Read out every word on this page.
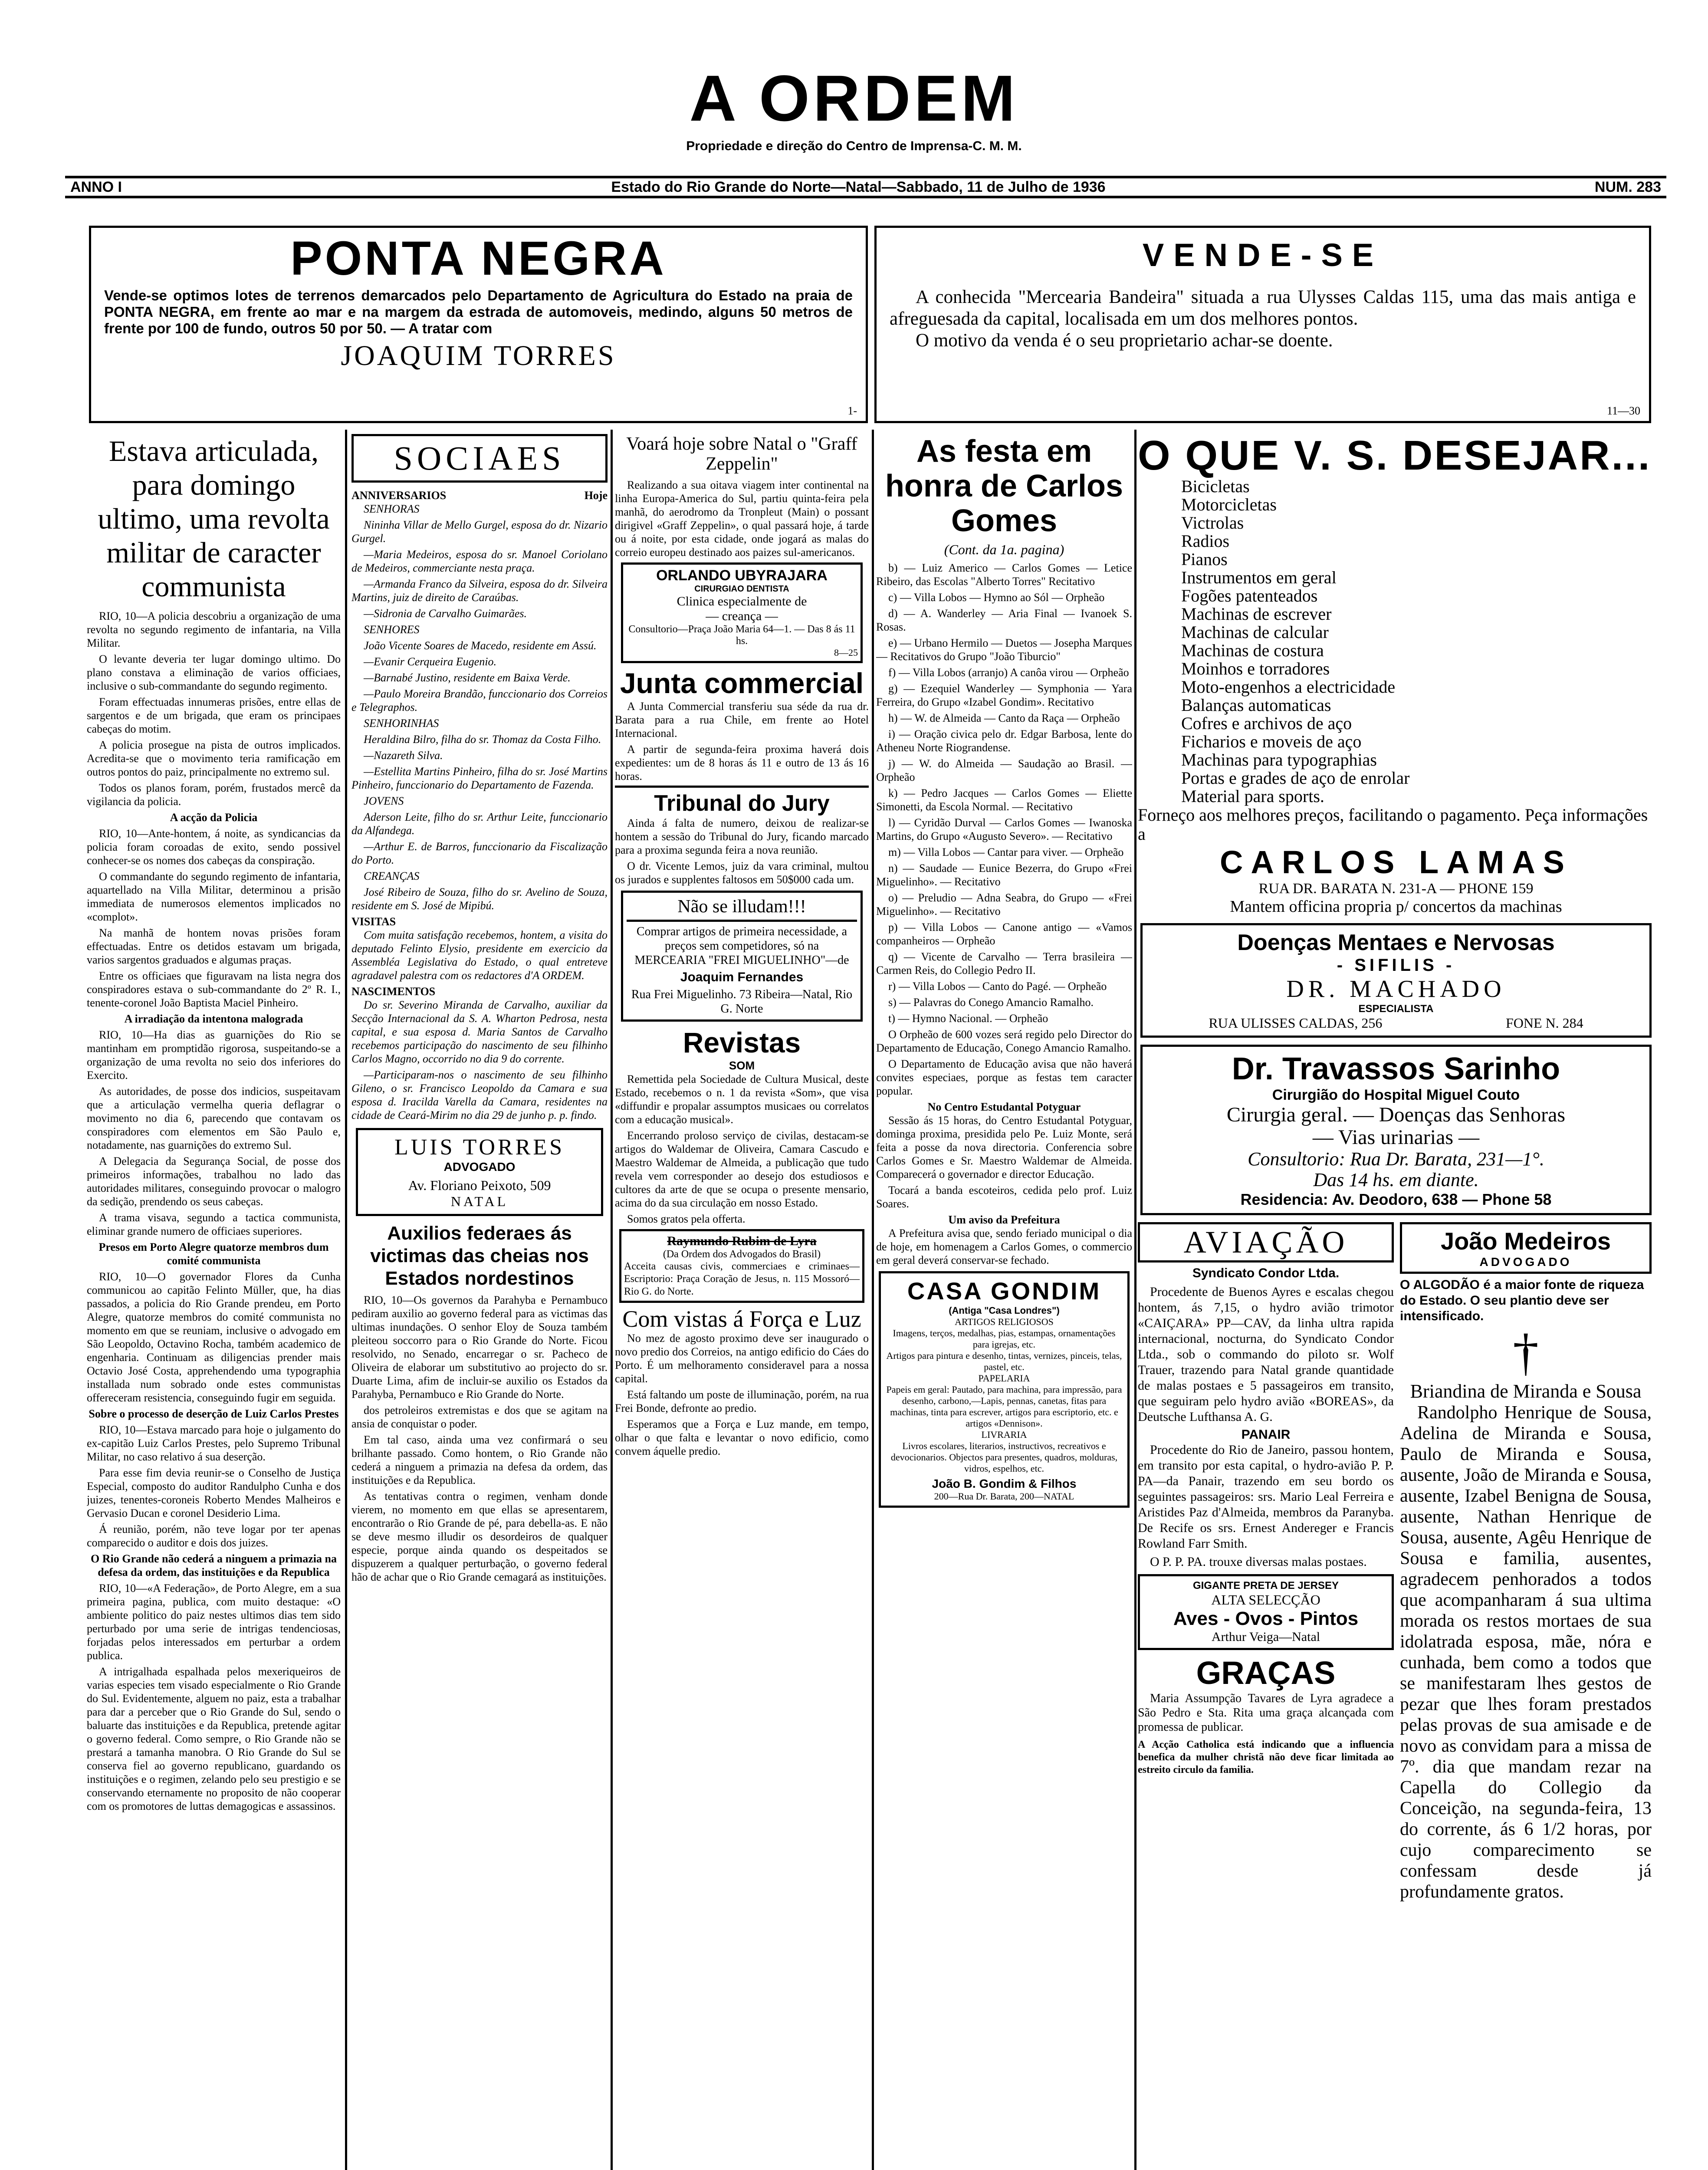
A ORDEM
Propriedade e direção do Centro de Imprensa-C. M. M.
ANNO I	Estado do Rio Grande do Norte—Natal—Sabbado, 11 de Julho de 1936	NUM. 283
PONTA NEGRA
Vende-se optimos lotes de terrenos demarcados pelo Departamento de Agricultura do Estado na praia de PONTA NEGRA, em frente ao mar e na margem da estrada de automoveis, medindo, alguns 50 metros de frente por 100 de fundo, outros 50 por 50. — A tratar com
JOAQUIM TORRES
1-
VENDE-SE
A conhecida "Mercearia Bandeira" situada a rua Ulysses Caldas 115, uma das mais antiga e afreguesada da capital, localisada em um dos melhores pontos.
O motivo da venda é o seu proprietario achar-se doente.
11—30
Estava articulada, para domingo ultimo, uma revolta militar de caracter communista

RIO, 10—A policia descobriu a organização de uma revolta no segundo regimento de infantaria, na Villa Militar.

O levante deveria ter lugar domingo ultimo. Do plano constava a eliminação de varios officiaes, inclusive o sub-commandante do segundo regimento.

Foram effectuadas innumeras prisões, entre ellas de sargentos e de um brigada, que eram os principaes cabeças do motim.

A policia prosegue na pista de outros implicados. Acredita-se que o movimento teria ramificação em outros pontos do paiz, principalmente no extremo sul.

Todos os planos foram, porém, frustados mercê da vigilancia da policia.

A acção da Policia

RIO, 10—Ante-hontem, á noite, as syndicancias da policia foram coroadas de exito, sendo possivel conhecer-se os nomes dos cabeças da conspiração.

O commandante do segundo regimento de infantaria, aquartellado na Villa Militar, determinou a prisão immediata de numerosos elementos implicados no «complot».

Na manhã de hontem novas prisões foram effectuadas. Entre os detidos estavam um brigada, varios sargentos graduados e algumas praças.

Entre os officiaes que figuravam na lista negra dos conspiradores estava o sub-commandante do 2º R. I., tenente-coronel João Baptista Maciel Pinheiro.

A irradiação da intentona malograda

RIO, 10—Ha dias as guarnições do Rio se mantinham em promptidão rigorosa, suspeitando-se a organização de uma revolta no seio dos inferiores do Exercito.

As autoridades, de posse dos indicios, suspeitavam que a articulação vermelha queria deflagrar o movimento no dia 6, parecendo que contavam os conspiradores com elementos em São Paulo e, notadamente, nas guarnições do extremo Sul.

A Delegacia da Segurança Social, de posse dos primeiros informações, trabalhou no lado das autoridades militares, conseguindo provocar o malogro da sedição, prendendo os seus cabeças.

A trama visava, segundo a tactica communista, eliminar grande numero de officiaes superiores.

Presos em Porto Alegre quatorze membros dum comité communista

RIO, 10—O governador Flores da Cunha communicou ao capitão Felinto Müller, que, ha dias passados, a policia do Rio Grande prendeu, em Porto Alegre, quatorze membros do comité communista no momento em que se reuniam, inclusive o advogado em São Leopoldo, Octavino Rocha, também academico de engenharia. Continuam as diligencias prender mais Octavio José Costa, apprehendendo uma typographia installada num sobrado onde estes communistas offereceram resistencia, conseguindo fugir em seguida.

Sobre o processo de deserção de Luiz Carlos Prestes

RIO, 10—Estava marcado para hoje o julgamento do ex-capitão Luiz Carlos Prestes, pelo Supremo Tribunal Militar, no caso relativo á sua deserção.

Para esse fim devia reunir-se o Conselho de Justiça Especial, composto do auditor Randulpho Cunha e dos juizes, tenentes-coroneis Roberto Mendes Malheiros e Gervasio Ducan e coronel Desiderio Lima.

Á reunião, porém, não teve logar por ter apenas comparecido o auditor e dois dos juizes.

O Rio Grande não cederá a ninguem a primazia na defesa da ordem, das instituições e da Republica

RIO, 10—«A Federação», de Porto Alegre, em a sua primeira pagina, publica, com muito destaque: «O ambiente politico do paiz nestes ultimos dias tem sido perturbado por uma serie de intrigas tendenciosas, forjadas pelos interessados em perturbar a ordem publica.

A intrigalhada espalhada pelos mexeriqueiros de varias especies tem visado especialmente o Rio Grande do Sul. Evidentemente, alguem no paiz, esta a trabalhar para dar a perceber que o Rio Grande do Sul, sendo o baluarte das instituições e da Republica, pretende agitar o governo federal. Como sempre, o Rio Grande não se prestará a tamanha manobra. O Rio Grande do Sul se conserva fiel ao governo republicano, guardando os instituições e o regimen, zelando pelo seu prestigio e se conservando eternamente no proposito de não cooperar com os promotores de luttas demagogicas e assassinos.

SOCIAES
ANNIVERSARIOS	Hoje

SENHORAS

Nininha Villar de Mello Gurgel, esposa do dr. Nizario Gurgel.

—Maria Medeiros, esposa do sr. Manoel Coriolano de Medeiros, commerciante nesta praça.

—Armanda Franco da Silveira, esposa do dr. Silveira Martins, juiz de direito de Caraúbas.

—Sidronia de Carvalho Guimarães.

SENHORES

João Vicente Soares de Macedo, residente em Assú.

—Evanir Cerqueira Eugenio.

—Barnabé Justino, residente em Baixa Verde.

—Paulo Moreira Brandão, funccionario dos Correios e Telegraphos.

SENHORINHAS

Heraldina Bilro, filha do sr. Thomaz da Costa Filho.

—Nazareth Silva.

—Estellita Martins Pinheiro, filha do sr. José Martins Pinheiro, funccionario do Departamento de Fazenda.

JOVENS

Aderson Leite, filho do sr. Arthur Leite, funccionario da Alfandega.

—Arthur E. de Barros, funccionario da Fiscalização do Porto.

CREANÇAS

José Ribeiro de Souza, filho do sr. Avelino de Souza, residente em S. José de Mipibú.

VISITAS

Com muita satisfação recebemos, hontem, a visita do deputado Felinto Elysio, presidente em exercicio da Assembléa Legislativa do Estado, o qual entreteve agradavel palestra com os redactores d'A ORDEM.

NASCIMENTOS

Do sr. Severino Miranda de Carvalho, auxiliar da Secção Internacional da S. A. Wharton Pedrosa, nesta capital, e sua esposa d. Maria Santos de Carvalho recebemos participação do nascimento de seu filhinho Carlos Magno, occorrido no dia 9 do corrente.

—Participaram-nos o nascimento de seu filhinho Gileno, o sr. Francisco Leopoldo da Camara e sua esposa d. Iracilda Varella da Camara, residentes na cidade de Ceará-Mirim no dia 29 de junho p. p. findo.

LUIS TORRES
ADVOGADO
Av. Floriano Peixoto, 509
NATAL
Auxilios federaes ás victimas das cheias nos Estados nordestinos

RIO, 10—Os governos da Parahyba e Pernambuco pediram auxilio ao governo federal para as victimas das ultimas inundações. O senhor Eloy de Souza também pleiteou soccorro para o Rio Grande do Norte. Ficou resolvido, no Senado, encarregar o sr. Pacheco de Oliveira de elaborar um substitutivo ao projecto do sr. Duarte Lima, afim de incluir-se auxilio os Estados da Parahyba, Pernambuco e Rio Grande do Norte.

dos petroleiros extremistas e dos que se agitam na ansia de conquistar o poder.

Em tal caso, ainda uma vez confirmará o seu brilhante passado. Como hontem, o Rio Grande não cederá a ninguem a primazia na defesa da ordem, das instituições e da Republica.

As tentativas contra o regimen, venham donde vierem, no momento em que ellas se apresentarem, encontrarão o Rio Grande de pé, para debella-as. E não se deve mesmo illudir os desordeiros de qualquer especie, porque ainda quando os despeitados se dispuzerem a qualquer perturbação, o governo federal hão de achar que o Rio Grande cemagará as instituições.

Voará hoje sobre Natal o "Graff Zeppelin"

Realizando a sua oitava viagem inter continental na linha Europa-America do Sul, partiu quinta-feira pela manhã, do aerodromo da Tronpleut (Main) o possant dirigivel «Graff Zeppelin», o qual passará hoje, á tarde ou á noite, por esta cidade, onde jogará as malas do correio europeu destinado aos paizes sul-americanos.

ORLANDO UBYRAJARA
CIRURGIAO DENTISTA
Clinica especialmente de
— creança —
Consultorio—Praça João Maria 64—1. — Das 8 ás 11 hs.
8—25
Junta commercial

A Junta Commercial transferiu sua séde da rua dr. Barata para a rua Chile, em frente ao Hotel Internacional.

A partir de segunda-feira proxima haverá dois expedientes: um de 8 horas ás 11 e outro de 13 ás 16 horas.

Tribunal do Jury

Ainda á falta de numero, deixou de realizar-se hontem a sessão do Tribunal do Jury, ficando marcado para a proxima segunda feira a nova reunião.

O dr. Vicente Lemos, juiz da vara criminal, multou os jurados e supplentes faltosos em 50$000 cada um.

Não se illudam!!!
Comprar artigos de primeira necessidade, a preços sem competidores, só na
MERCEARIA "FREI MIGUELINHO"—de
Joaquim Fernandes
Rua Frei Miguelinho. 73 Ribeira—Natal, Rio G. Norte
Revistas
SOM

Remettida pela Sociedade de Cultura Musical, deste Estado, recebemos o n. 1 da revista «Som», que visa «diffundir e propalar assumptos musicaes ou correlatos com a educação musical».

Encerrando proloso serviço de civilas, destacam-se artigos do Waldemar de Oliveira, Camara Cascudo e Maestro Waldemar de Almeida, a publicação que tudo revela vem corresponder ao desejo dos estudiosos e cultores da arte de que se ocupa o presente mensario, acima do da sua circulação em nosso Estado.

Somos gratos pela offerta.

Raymundo Rubim de Lyra
(Da Ordem dos Advogados do Brasil)
Acceita causas civis, commerciaes e criminaes—Escriptorio: Praça Coração de Jesus, n. 115 Mossoró—Rio G. do Norte.
Com vistas á Força e Luz

No mez de agosto proximo deve ser inaugurado o novo predio dos Correios, na antigo edificio do Cáes do Porto. É um melhoramento consideravel para a nossa capital.

Está faltando um poste de illuminação, porém, na rua Frei Bonde, defronte ao predio.

Esperamos que a Força e Luz mande, em tempo, olhar o que falta e levantar o novo edificio, como convem áquelle predio.

As festa em honra de Carlos Gomes
(Cont. da 1a. pagina)

b) — Luiz Americo — Carlos Gomes — Letice Ribeiro, das Escolas "Alberto Torres" Recitativo

c) — Villa Lobos — Hymno ao Sól — Orpheão

d) — A. Wanderley — Aria Final — Ivanoek S. Rosas.

e) — Urbano Hermilo — Duetos — Josepha Marques — Recitativos do Grupo "João Tiburcio"

f) — Villa Lobos (arranjo) A canôa virou — Orpheão

g) — Ezequiel Wanderley — Symphonia — Yara Ferreira, do Grupo «Izabel Gondim». Recitativo

h) — W. de Almeida — Canto da Raça — Orpheão

i) — Oração civica pelo dr. Edgar Barbosa, lente do Atheneu Norte Riograndense.

j) — W. do Almeida — Saudação ao Brasil. — Orpheão

k) — Pedro Jacques — Carlos Gomes — Eliette Simonetti, da Escola Normal. — Recitativo

l) — Cyridão Durval — Carlos Gomes — Iwanoska Martins, do Grupo «Augusto Severo». — Recitativo

m) — Villa Lobos — Cantar para viver. — Orpheão

n) — Saudade — Eunice Bezerra, do Grupo «Frei Miguelinho». — Recitativo

o) — Preludio — Adna Seabra, do Grupo — «Frei Miguelinho». — Recitativo

p) — Villa Lobos — Canone antigo — «Vamos companheiros — Orpheão

q) — Vicente de Carvalho — Terra brasileira — Carmen Reis, do Collegio Pedro II.

r) — Villa Lobos — Canto do Pagé. — Orpheão

s) — Palavras do Conego Amancio Ramalho.

t) — Hymno Nacional. — Orpheão

O Orpheão de 600 vozes será regido pelo Director do Departamento de Educação, Conego Amancio Ramalho.

O Departamento de Educação avisa que não haverá convites especiaes, porque as festas tem caracter popular.

No Centro Estudantal Potyguar

Sessão ás 15 horas, do Centro Estudantal Potyguar, dominga proxima, presidida pelo Pe. Luiz Monte, será feita a posse da nova directoria. Conferencia sobre Carlos Gomes e Sr. Maestro Waldemar de Almeida. Comparecerá o governador e director Educação.

Tocará a banda escoteiros, cedida pelo prof. Luiz Soares.

Um aviso da Prefeitura

A Prefeitura avisa que, sendo feriado municipal o dia de hoje, em homenagem a Carlos Gomes, o commercio em geral deverá conservar-se fechado.

CASA GONDIM
(Antiga "Casa Londres")
ARTIGOS RELIGIOSOS
Imagens, terços, medalhas, pias, estampas, ornamentações para igrejas, etc.
Artigos para pintura e desenho, tintas, vernizes, pinceis, telas, pastel, etc.
PAPELARIA
Papeis em geral: Pautado, para machina, para impressão, para desenho, carbono,—Lapis, pennas, canetas, fitas para machinas, tinta para escrever, artigos para escriptorio, etc. e artigos «Dennison».
LIVRARIA
Livros escolares, literarios, instructivos, recreativos e devocionarios. Objectos para presentes, quadros, molduras, vidros, espelhos, etc.
João B. Gondim & Filhos
200—Rua Dr. Barata, 200—NATAL
O QUE V. S. DESEJAR...
Bicicletas
Motorcicletas
Victrolas
Radios
Pianos
Instrumentos em geral
Fogões patenteados
Machinas de escrever
Machinas de calcular
Machinas de costura
Moinhos e torradores
Moto-engenhos a electricidade
Balanças automaticas
Cofres e archivos de aço
Ficharios e moveis de aço
Machinas para typographias
Portas e grades de aço de enrolar
Material para sports.
Forneço aos melhores preços, facilitando o pagamento. Peça informações a
CARLOS LAMAS
RUA DR. BARATA N. 231-A — PHONE 159
Mantem officina propria p/ concertos da machinas
Doenças Mentaes e Nervosas
- SIFILIS -
DR. MACHADO
ESPECIALISTA
RUA ULISSES CALDAS, 256	FONE N. 284
Dr. Travassos Sarinho
Cirurgião do Hospital Miguel Couto
Cirurgia geral. — Doenças das Senhoras
— Vias urinarias —
Consultorio: Rua Dr. Barata, 231—1°.
Das 14 hs. em diante.
Residencia: Av. Deodoro, 638 — Phone 58
AVIAÇÃO
Syndicato Condor Ltda.

Procedente de Buenos Ayres e escalas chegou hontem, ás 7,15, o hydro avião trimotor «CAIÇARA» PP—CAV, da linha ultra rapida internacional, nocturna, do Syndicato Condor Ltda., sob o commando do piloto sr. Wolf Trauer, trazendo para Natal grande quantidade de malas postaes e 5 passageiros em transito, que seguiram pelo hydro avião «BOREAS», da Deutsche Lufthansa A. G.

PANAIR

Procedente do Rio de Janeiro, passou hontem, em transito por esta capital, o hydro-avião P. P. PA—da Panair, trazendo em seu bordo os seguintes passageiros: srs. Mario Leal Ferreira e Aristides Paz d'Almeida, membros da Paranyba. De Recife os srs. Ernest Andereger e Francis Rowland Farr Smith.

O P. P. PA. trouxe diversas malas postaes.

GIGANTE PRETA DE JERSEY
ALTA SELECÇÃO
Aves - Ovos - Pintos
Arthur Veiga—Natal
GRAÇAS

Maria Assumpção Tavares de Lyra agradece a São Pedro e Sta. Rita uma graça alcançada com promessa de publicar.

A Acção Catholica está indicando que a influencia benefica da mulher christã não deve ficar limitada ao estreito circulo da familia.
João Medeiros
ADVOGADO
O ALGODÃO é a maior fonte de riqueza do Estado. O seu plantio deve ser intensificado.
†
Briandina de Miranda e Sousa
Randolpho Henrique de Sousa, Adelina de Miranda e Sousa, Paulo de Miranda e Sousa, ausente, João de Miranda e Sousa, ausente, Izabel Benigna de Sousa, ausente, Nathan Henrique de Sousa, ausente, Agêu Henrique de Sousa e familia, ausentes, agradecem penhorados a todos que acompanharam á sua ultima morada os restos mortaes de sua idolatrada esposa, mãe, nóra e cunhada, bem como a todos que se manifestaram lhes gestos de pezar que lhes foram prestados pelas provas de sua amisade e de novo as convidam para a missa de 7º. dia que mandam rezar na Capella do Collegio da Conceição, na segunda-feira, 13 do corrente, ás 6 1/2 horas, por cujo comparecimento se confessam desde já profundamente gratos.
